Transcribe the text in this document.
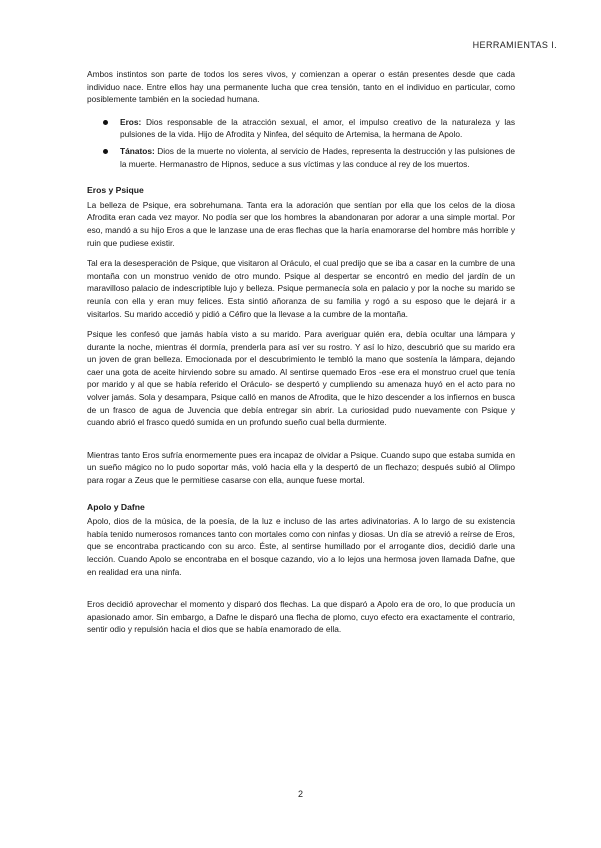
HERRAMIENTAS I.

Ambos instintos son parte de todos los seres vivos, y comienzan a operar o están presentes desde que cada individuo nace. Entre ellos hay una permanente lucha que crea tensión, tanto en el individuo en particular, como posiblemente también en la sociedad humana.

Eros: Dios responsable de la atracción sexual, el amor, el impulso creativo de la naturaleza y las pulsiones de la vida. Hijo de Afrodita y Ninfea, del séquito de Artemisa, la hermana de Apolo.
Tánatos: Dios de la muerte no violenta, al servicio de Hades, representa la destrucción y las pulsiones de la muerte. Hermanastro de Hipnos, seduce a sus víctimas y las conduce al rey de los muertos.
Eros y Psique

La belleza de Psique, era sobrehumana. Tanta era la adoración que sentían por ella que los celos de la diosa Afrodita eran cada vez mayor. No podía ser que los hombres la abandonaran por adorar a una simple mortal. Por eso, mandó a su hijo Eros a que le lanzase una de eras flechas que la haría enamorarse del hombre más horrible y ruin que pudiese existir.

Tal era la desesperación de Psique, que visitaron al Oráculo, el cual predijo que se iba a casar en la cumbre de una montaña con un monstruo venido de otro mundo. Psique al despertar se encontró en medio del jardín de un maravilloso palacio de indescriptible lujo y belleza. Psique permanecía sola en palacio y por la noche su marido se reunía con ella y eran muy felices. Esta sintió añoranza de su familia y rogó a su esposo que le dejará ir a visitarlos. Su marido accedió y pidió a Céfiro que la llevase a la cumbre de la montaña.

Psique les confesó que jamás había visto a su marido. Para averiguar quién era, debía ocultar una lámpara y durante la noche, mientras él dormía, prenderla para así ver su rostro. Y así lo hizo, descubrió que su marido era un joven de gran belleza. Emocionada por el descubrimiento le tembló la mano que sostenía la lámpara, dejando caer una gota de aceite hirviendo sobre su amado. Al sentirse quemado Eros -ese era el monstruo cruel que tenía por marido y al que se había referido el Oráculo- se despertó y cumpliendo su amenaza huyó en el acto para no volver jamás. Sola y desampara, Psique calló en manos de Afrodita, que le hizo descender a los infiernos en busca de un frasco de agua de Juvencia que debía entregar sin abrir. La curiosidad pudo nuevamente con Psique y cuando abrió el frasco quedó sumida en un profundo sueño cual bella durmiente.

Mientras tanto Eros sufría enormemente pues era incapaz de olvidar a Psique. Cuando supo que estaba sumida en un sueño mágico no lo pudo soportar más, voló hacia ella y la despertó de un flechazo; después subió al Olimpo para rogar a Zeus que le permitiese casarse con ella, aunque fuese mortal.

Apolo y Dafne

Apolo, dios de la música, de la poesía, de la luz e incluso de las artes adivinatorias. A lo largo de su existencia había tenido numerosos romances tanto con mortales como con ninfas y diosas. Un día se atrevió a reírse de Eros, que se encontraba practicando con su arco. Éste, al sentirse humillado por el arrogante dios, decidió darle una lección. Cuando Apolo se encontraba en el bosque cazando, vio a lo lejos una hermosa joven llamada Dafne, que en realidad era una ninfa.

Eros decidió aprovechar el momento y disparó dos flechas. La que disparó a Apolo era de oro, lo que producía un apasionado amor. Sin embargo, a Dafne le disparó una flecha de plomo, cuyo efecto era exactamente el contrario, sentir odio y repulsión hacia el dios que se había enamorado de ella.

2
